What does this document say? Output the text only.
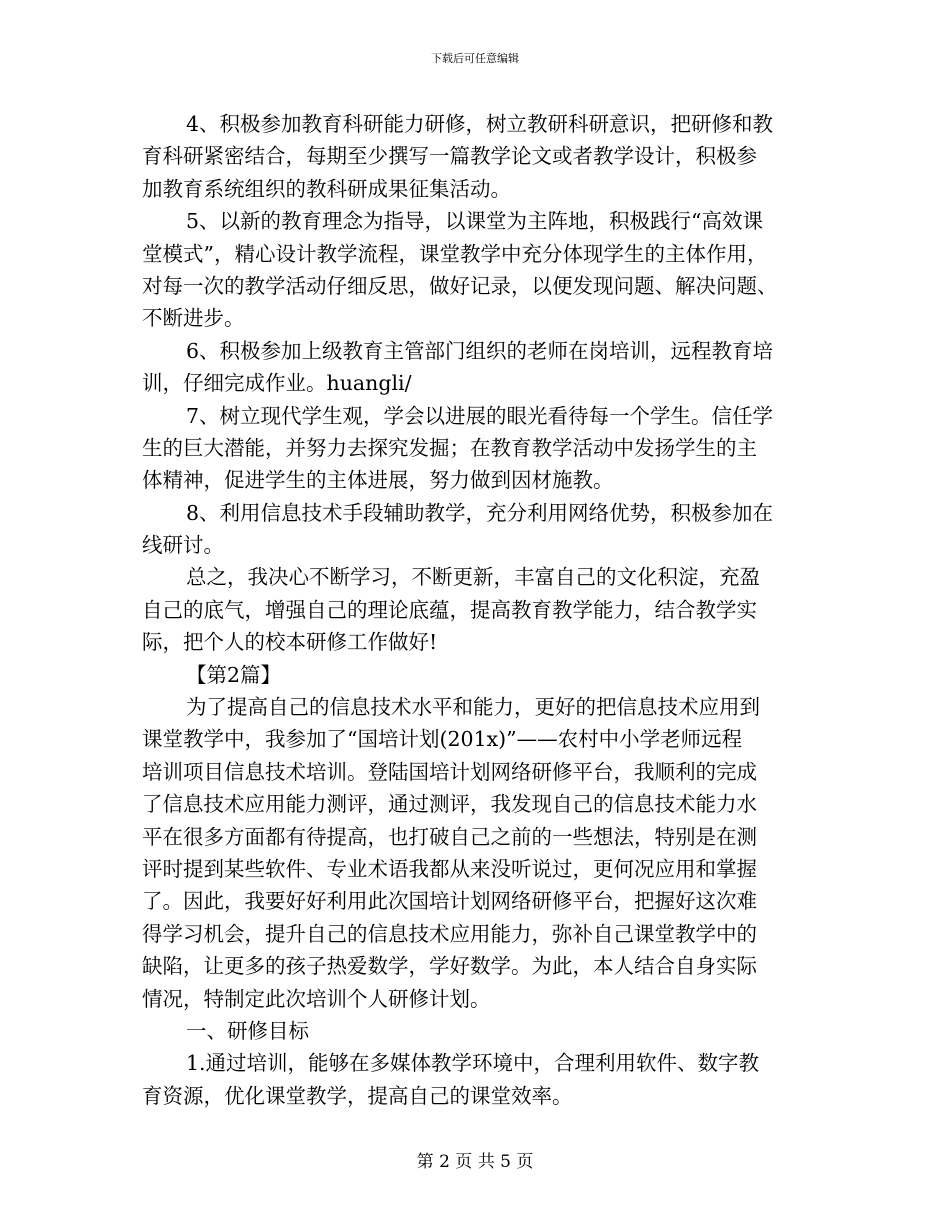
下载后可任意编辑
4、积极参加教育科研能力研修，树立教研科研意识，把研修和教
育科研紧密结合，每期至少撰写一篇教学论文或者教学设计，积极参
加教育系统组织的教科研成果征集活动。
5、以新的教育理念为指导，以课堂为主阵地，积极践行“高效课
堂模式”，精心设计教学流程，课堂教学中充分体现学生的主体作用，
对每一次的教学活动仔细反思，做好记录，以便发现问题、解决问题、
不断进步。
6、积极参加上级教育主管部门组织的老师在岗培训，远程教育培
训，仔细完成作业。huangli/
7、树立现代学生观，学会以进展的眼光看待每一个学生。信任学
生的巨大潜能，并努力去探究发掘；在教育教学活动中发扬学生的主
体精神，促进学生的主体进展，努力做到因材施教。
8、利用信息技术手段辅助教学，充分利用网络优势，积极参加在
线研讨。
总之，我决心不断学习，不断更新，丰富自己的文化积淀，充盈
自己的底气，增强自己的理论底蕴，提高教育教学能力，结合教学实
际，把个人的校本研修工作做好!
【第2篇】
为了提高自己的信息技术水平和能力，更好的把信息技术应用到
课堂教学中，我参加了“国培计划(201x)”——农村中小学老师远程
培训项目信息技术培训。登陆国培计划网络研修平台，我顺利的完成
了信息技术应用能力测评，通过测评，我发现自己的信息技术能力水
平在很多方面都有待提高，也打破自己之前的一些想法，特别是在测
评时提到某些软件、专业术语我都从来没听说过，更何况应用和掌握
了。因此，我要好好利用此次国培计划网络研修平台，把握好这次难
得学习机会，提升自己的信息技术应用能力，弥补自己课堂教学中的
缺陷，让更多的孩子热爱数学，学好数学。为此，本人结合自身实际
情况，特制定此次培训个人研修计划。
一、研修目标
1.通过培训，能够在多媒体教学环境中，合理利用软件、数字教
育资源，优化课堂教学，提高自己的课堂效率。
第 2 页 共 5 页
